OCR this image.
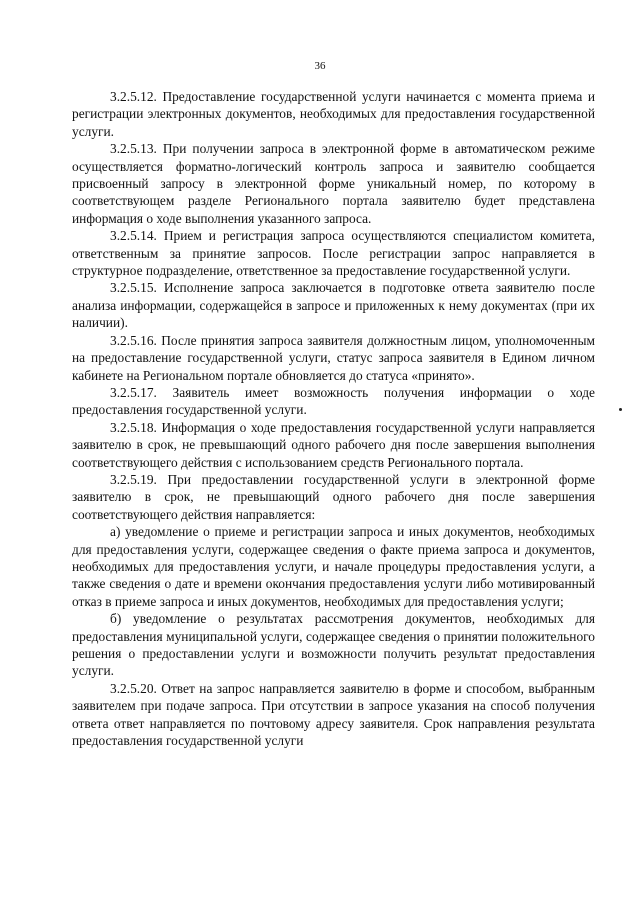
36

3.2.5.12. Предоставление государственной услуги начинается с момента приема и регистрации электронных документов, необходимых для предоставления государственной услуги.

3.2.5.13. При получении запроса в электронной форме в автоматическом режиме осуществляется форматно-логический контроль запроса и заявителю сообщается присвоенный запросу в электронной форме уникальный номер, по которому в соответствующем разделе Регионального портала заявителю будет представлена информация о ходе выполнения указанного запроса.

3.2.5.14. Прием и регистрация запроса осуществляются специалистом комитета, ответственным за принятие запросов. После регистрации запрос направляется в структурное подразделение, ответственное за предоставление государственной услуги.

3.2.5.15. Исполнение запроса заключается в подготовке ответа заявителю после анализа информации, содержащейся в запросе и приложенных к нему документах (при их наличии).

3.2.5.16. После принятия запроса заявителя должностным лицом, уполномоченным на предоставление государственной услуги, статус запроса заявителя в Едином личном кабинете на Региональном портале обновляется до статуса «принято».

3.2.5.17. Заявитель имеет возможность получения информации о ходе предоставления государственной услуги.

3.2.5.18. Информация о ходе предоставления государственной услуги направляется заявителю в срок, не превышающий одного рабочего дня после завершения выполнения соответствующего действия с использованием средств Регионального портала.

3.2.5.19. При предоставлении государственной услуги в электронной форме заявителю в срок, не превышающий одного рабочего дня после завершения соответствующего действия направляется:

а) уведомление о приеме и регистрации запроса и иных документов, необходимых для предоставления услуги, содержащее сведения о факте приема запроса и документов, необходимых для предоставления услуги, и начале процедуры предоставления услуги, а также сведения о дате и времени окончания предоставления услуги либо мотивированный отказ в приеме запроса и иных документов, необходимых для предоставления услуги;

б) уведомление о результатах рассмотрения документов, необходимых для предоставления муниципальной услуги, содержащее сведения о принятии положительного решения о предоставлении услуги и возможности получить результат предоставления услуги.

3.2.5.20. Ответ на запрос направляется заявителю в форме и способом, выбранным заявителем при подаче запроса. При отсутствии в запросе указания на способ получения ответа ответ направляется по почтовому адресу заявителя. Срок направления результата предоставления государственной услуги
